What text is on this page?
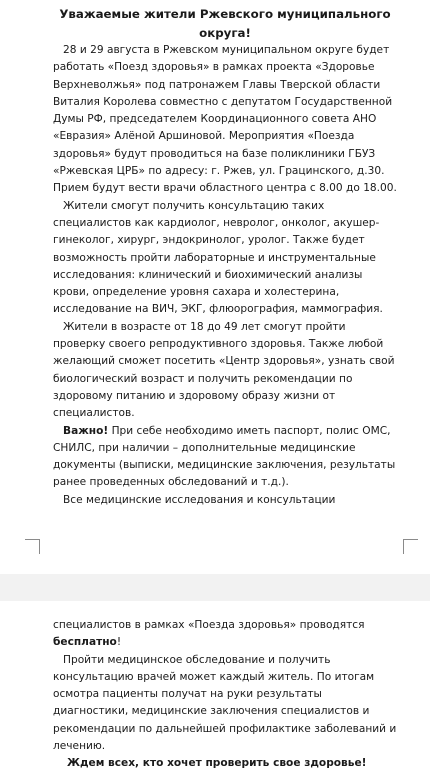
Уважаемые жители Ржевского муниципального округа!

28 и 29 августа в Ржевском муниципальном округе будет работать «Поезд здоровья» в рамках проекта «Здоровье Верхневолжья» под патронажем Главы Тверской области Виталия Королева совместно с депутатом Государственной Думы РФ, председателем Координационного совета АНО «Евразия» Алёной Аршиновой. Мероприятия «Поезда здоровья» будут проводиться на базе поликлиники ГБУЗ «Ржевская ЦРБ» по адресу: г. Ржев, ул. Грацинского, д.30. Прием будут вести врачи областного центра с 8.00 до 18.00.

Жители смогут получить консультацию таких специалистов как кардиолог, невролог, онколог, акушер-гинеколог, хирург, эндокринолог, уролог. Также будет возможность пройти лабораторные и инструментальные исследования: клинический и биохимический анализы крови, определение уровня сахара и холестерина, исследование на ВИЧ, ЭКГ, флюорография, маммография.

Жители в возрасте от 18 до 49 лет смогут пройти проверку своего репродуктивного здоровья. Также любой желающий сможет посетить «Центр здоровья», узнать свой биологический возраст и получить рекомендации по здоровому питанию и здоровому образу жизни от специалистов.

Важно! При себе необходимо иметь паспорт, полис ОМС, СНИЛС, при наличии – дополнительные медицинские документы (выписки, медицинские заключения, результаты ранее проведенных обследований и т.д.).

Все медицинские исследования и консультации

специалистов в рамках «Поезда здоровья» проводятся бесплатно!

Пройти медицинское обследование и получить консультацию врачей может каждый житель. По итогам осмотра пациенты получат на руки результаты диагностики, медицинские заключения специалистов и рекомендации по дальнейшей профилактике заболеваний и лечению.

Ждем всех, кто хочет проверить свое здоровье!
